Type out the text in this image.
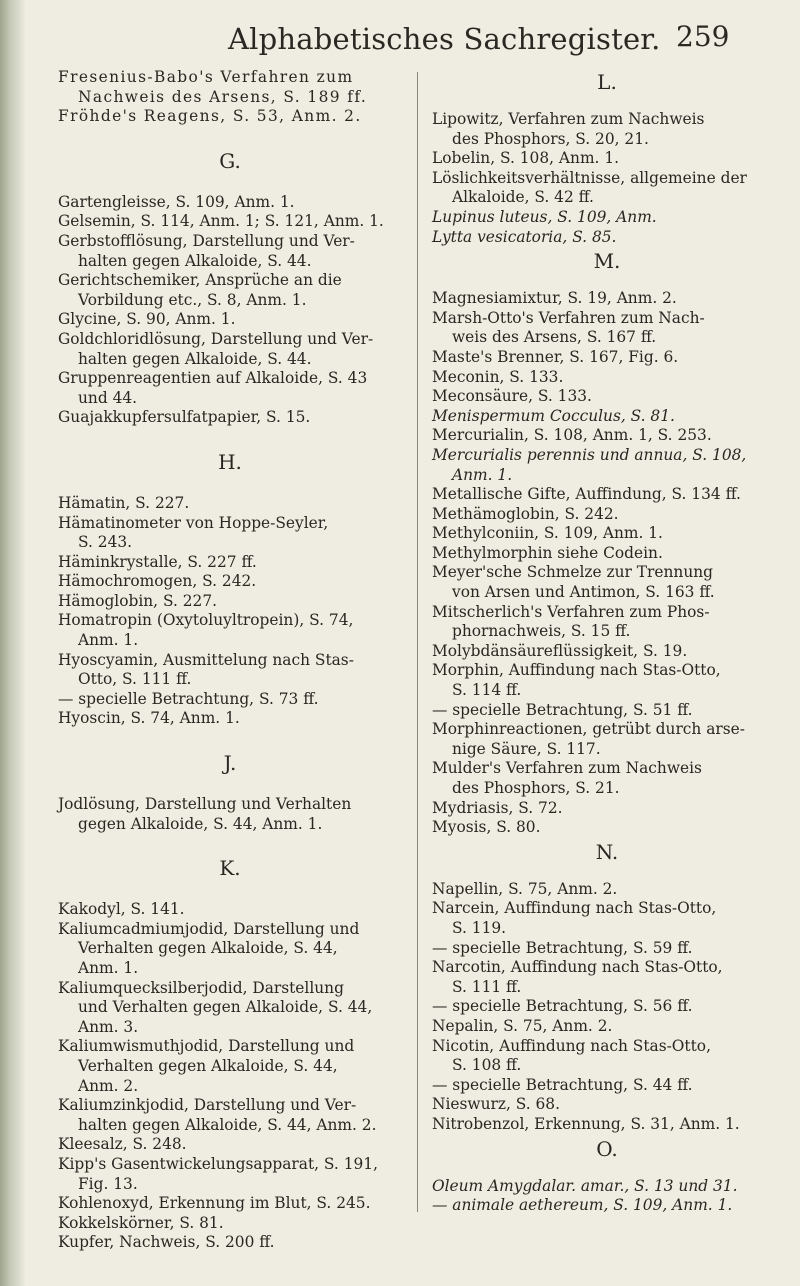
Alphabetisches Sachregister. 259
Fresenius-Babo's Verfahren zum
Nachweis des Arsens, S. 189 ff.
Fröhde's Reagens, S. 53, Anm. 2.
G.
Gartengleisse, S. 109, Anm. 1.
Gelsemin, S. 114, Anm. 1; S. 121, Anm. 1.
Gerbstofflösung, Darstellung und Ver-
halten gegen Alkaloide, S. 44.
Gerichtschemiker, Ansprüche an die
Vorbildung etc., S. 8, Anm. 1.
Glycine, S. 90, Anm. 1.
Goldchloridlösung, Darstellung und Ver-
halten gegen Alkaloide, S. 44.
Gruppenreagentien auf Alkaloide, S. 43
und 44.
Guajakkupfersulfatpapier, S. 15.
H.
Hämatin, S. 227.
Hämatinometer von Hoppe-Seyler,
S. 243.
Häminkrystalle, S. 227 ff.
Hämochromogen, S. 242.
Hämoglobin, S. 227.
Homatropin (Oxytoluyltropein), S. 74,
Anm. 1.
Hyoscyamin, Ausmittelung nach Stas-
Otto, S. 111 ff.
— specielle Betrachtung, S. 73 ff.
Hyoscin, S. 74, Anm. 1.
J.
Jodlösung, Darstellung und Verhalten
gegen Alkaloide, S. 44, Anm. 1.
K.
Kakodyl, S. 141.
Kaliumcadmiumjodid, Darstellung und
Verhalten gegen Alkaloide, S. 44,
Anm. 1.
Kaliumquecksilberjodid, Darstellung
und Verhalten gegen Alkaloide, S. 44,
Anm. 3.
Kaliumwismuthjodid, Darstellung und
Verhalten gegen Alkaloide, S. 44,
Anm. 2.
Kaliumzinkjodid, Darstellung und Ver-
halten gegen Alkaloide, S. 44, Anm. 2.
Kleesalz, S. 248.
Kipp's Gasentwickelungsapparat, S. 191,
Fig. 13.
Kohlenoxyd, Erkennung im Blut, S. 245.
Kokkelskörner, S. 81.
Kupfer, Nachweis, S. 200 ff.
L.
Lipowitz, Verfahren zum Nachweis
des Phosphors, S. 20, 21.
Lobelin, S. 108, Anm. 1.
Löslichkeitsverhältnisse, allgemeine der
Alkaloide, S. 42 ff.
Lupinus luteus, S. 109, Anm.
Lytta vesicatoria, S. 85.
M.
Magnesiamixtur, S. 19, Anm. 2.
Marsh-Otto's Verfahren zum Nach-
weis des Arsens, S. 167 ff.
Maste's Brenner, S. 167, Fig. 6.
Meconin, S. 133.
Meconsäure, S. 133.
Menispermum Cocculus, S. 81.
Mercurialin, S. 108, Anm. 1, S. 253.
Mercurialis perennis und annua, S. 108,
Anm. 1.
Metallische Gifte, Auffindung, S. 134 ff.
Methämoglobin, S. 242.
Methylconiin, S. 109, Anm. 1.
Methylmorphin siehe Codein.
Meyer'sche Schmelze zur Trennung
von Arsen und Antimon, S. 163 ff.
Mitscherlich's Verfahren zum Phos-
phornachweis, S. 15 ff.
Molybdänsäureflüssigkeit, S. 19.
Morphin, Auffindung nach Stas-Otto,
S. 114 ff.
— specielle Betrachtung, S. 51 ff.
Morphinreactionen, getrübt durch arse-
nige Säure, S. 117.
Mulder's Verfahren zum Nachweis
des Phosphors, S. 21.
Mydriasis, S. 72.
Myosis, S. 80.
N.
Napellin, S. 75, Anm. 2.
Narcein, Auffindung nach Stas-Otto,
S. 119.
— specielle Betrachtung, S. 59 ff.
Narcotin, Auffindung nach Stas-Otto,
S. 111 ff.
— specielle Betrachtung, S. 56 ff.
Nepalin, S. 75, Anm. 2.
Nicotin, Auffindung nach Stas-Otto,
S. 108 ff.
— specielle Betrachtung, S. 44 ff.
Nieswurz, S. 68.
Nitrobenzol, Erkennung, S. 31, Anm. 1.
O.
Oleum Amygdalar. amar., S. 13 und 31.
— animale aethereum, S. 109, Anm. 1.
